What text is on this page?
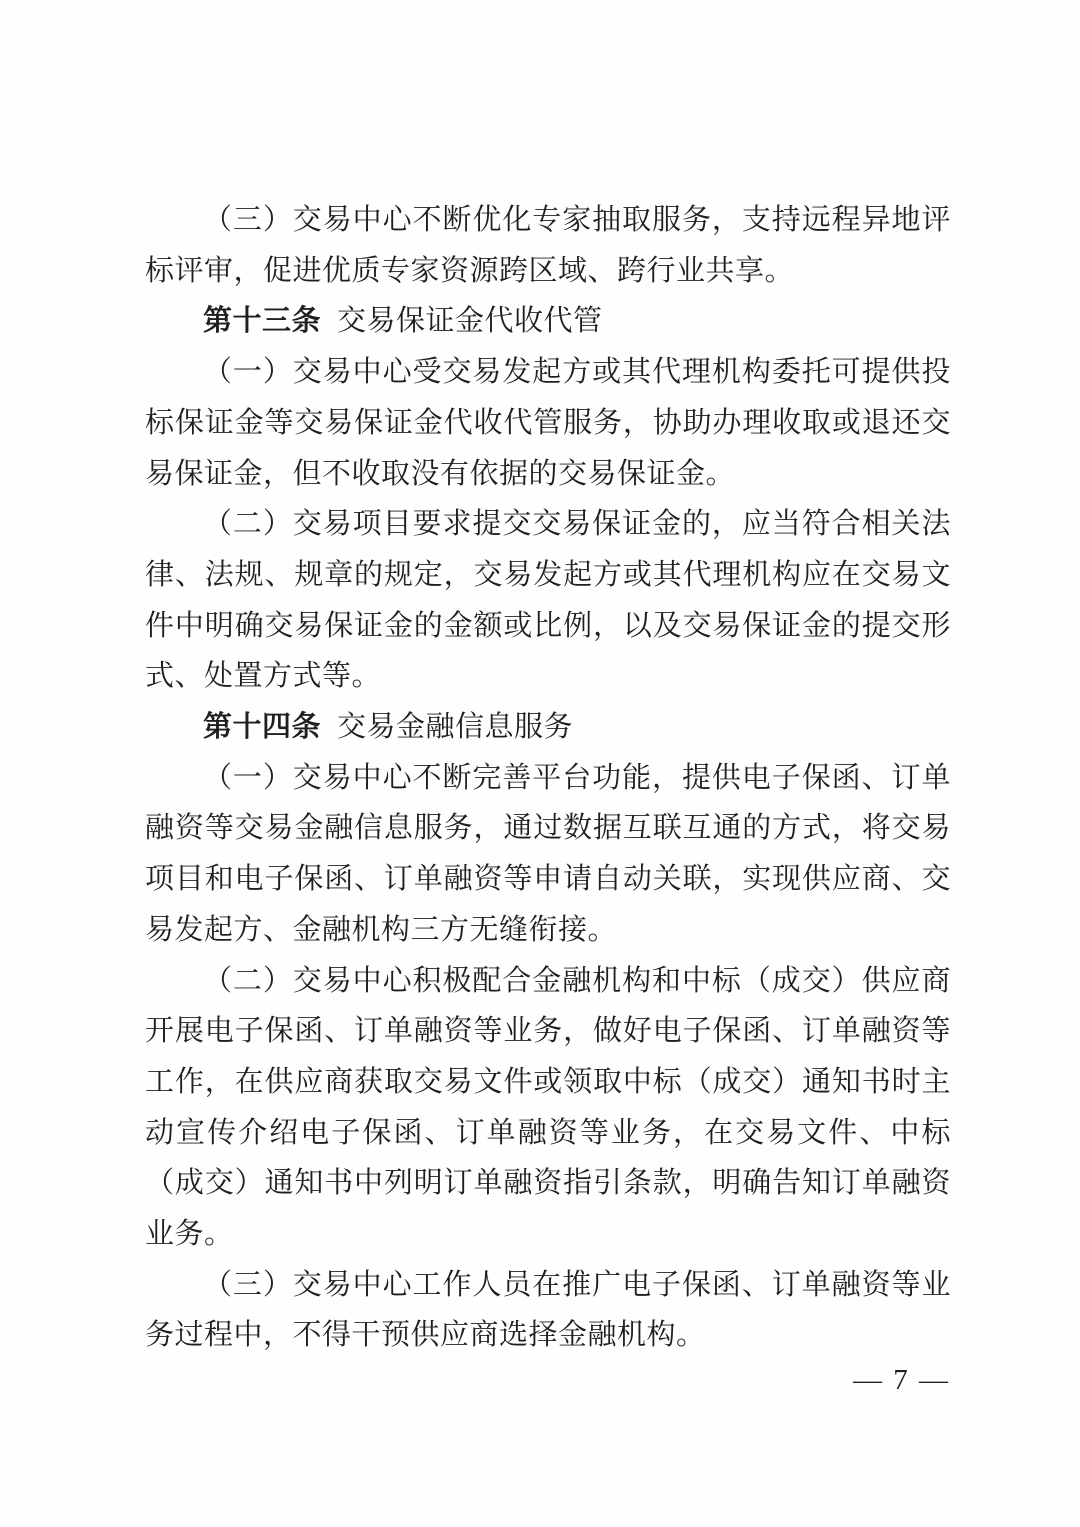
（三）交易中心不断优化专家抽取服务，支持远程异地评标评审，促进优质专家资源跨区域、跨行业共享。

第十三条 交易保证金代收代管

（一）交易中心受交易发起方或其代理机构委托可提供投标保证金等交易保证金代收代管服务，协助办理收取或退还交易保证金，但不收取没有依据的交易保证金。

（二）交易项目要求提交交易保证金的，应当符合相关法律、法规、规章的规定，交易发起方或其代理机构应在交易文件中明确交易保证金的金额或比例，以及交易保证金的提交形式、处置方式等。

第十四条 交易金融信息服务

（一）交易中心不断完善平台功能，提供电子保函、订单融资等交易金融信息服务，通过数据互联互通的方式，将交易项目和电子保函、订单融资等申请自动关联，实现供应商、交易发起方、金融机构三方无缝衔接。

（二）交易中心积极配合金融机构和中标（成交）供应商开展电子保函、订单融资等业务，做好电子保函、订单融资等工作，在供应商获取交易文件或领取中标（成交）通知书时主动宣传介绍电子保函、订单融资等业务，在交易文件、中标（成交）通知书中列明订单融资指引条款，明确告知订单融资业务。

（三）交易中心工作人员在推广电子保函、订单融资等业务过程中，不得干预供应商选择金融机构。

— 7 —
